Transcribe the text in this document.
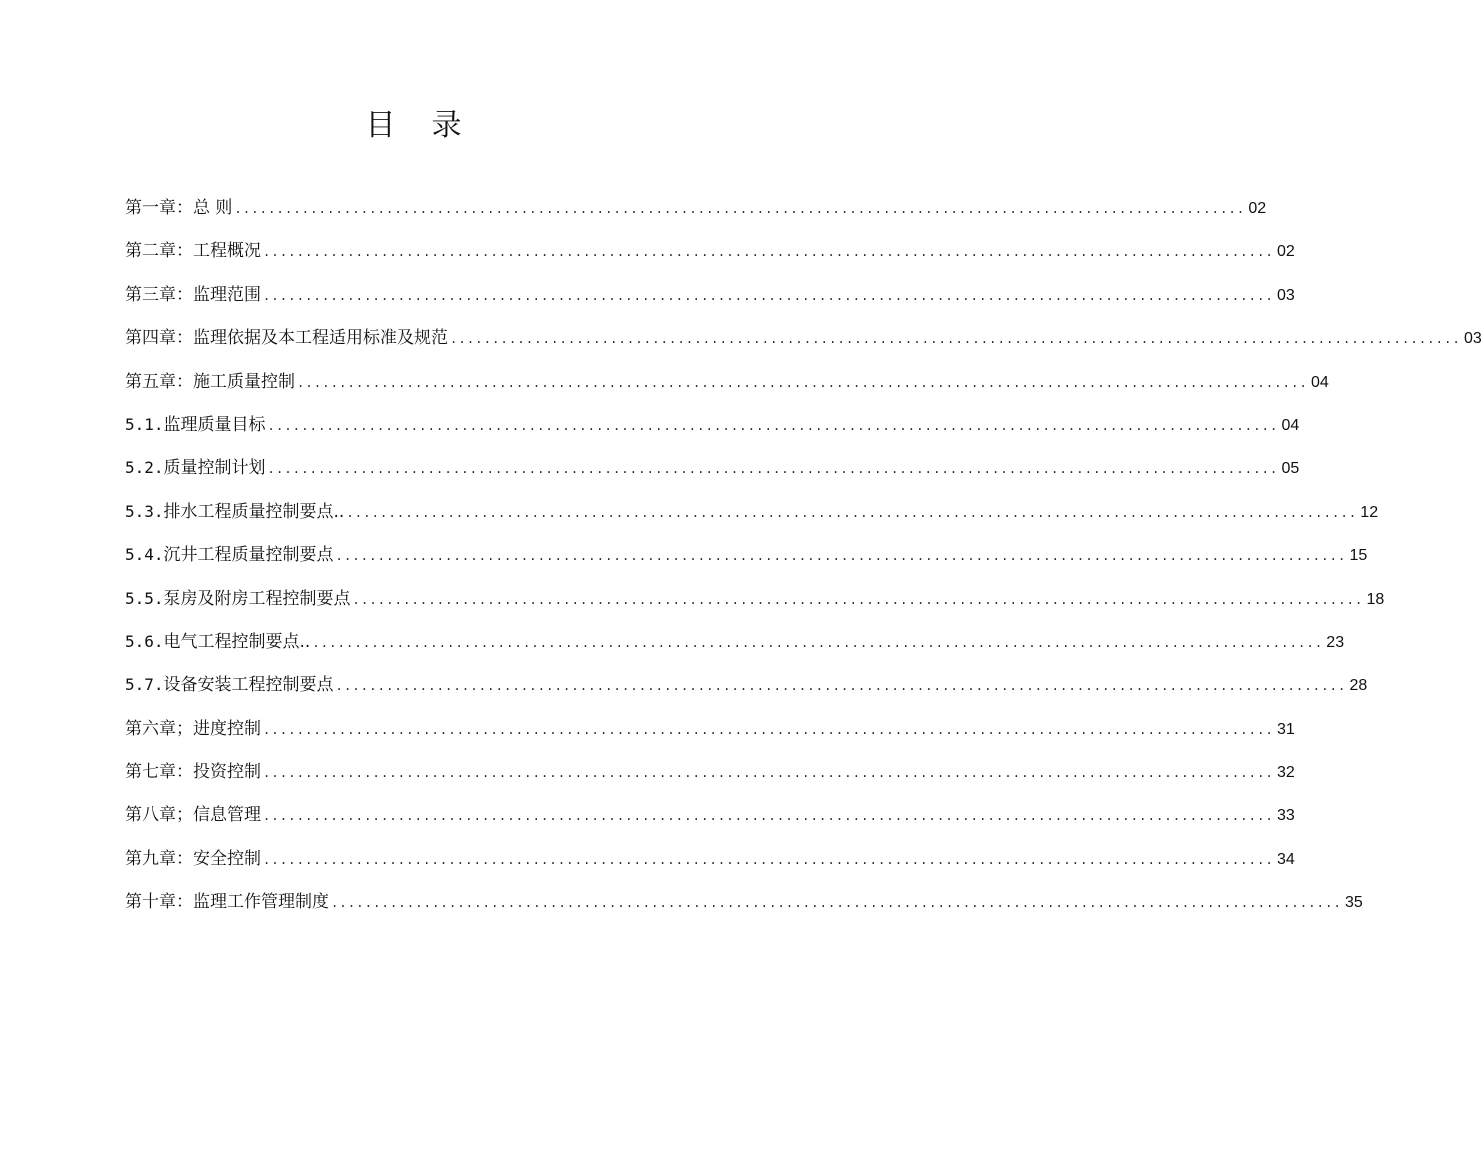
目 录
第一章：总 则 ........................................................................................................................ 02
第二章：工程概况 ........................................................................................................................ 02
第三章：监理范围 ........................................................................................................................ 03
第四章：监理依据及本工程适用标准及规范 ........................................................................................................................ 03
第五章：施工质量控制 ........................................................................................................................ 04
5.1.监理质量目标 ........................................................................................................................ 04
5.2.质量控制计划 ........................................................................................................................ 05
5.3.排水工程质量控制要点.. ........................................................................................................................ 12
5.4.沉井工程质量控制要点 ........................................................................................................................ 15
5.5.泵房及附房工程控制要点 ........................................................................................................................ 18
5.6.电气工程控制要点.. ........................................................................................................................ 23
5.7.设备安装工程控制要点 ........................................................................................................................ 28
第六章；进度控制 ........................................................................................................................ 31
第七章：投资控制 ........................................................................................................................ 32
第八章；信息管理 ........................................................................................................................ 33
第九章：安全控制 ........................................................................................................................ 34
第十章：监理工作管理制度 ........................................................................................................................ 35
